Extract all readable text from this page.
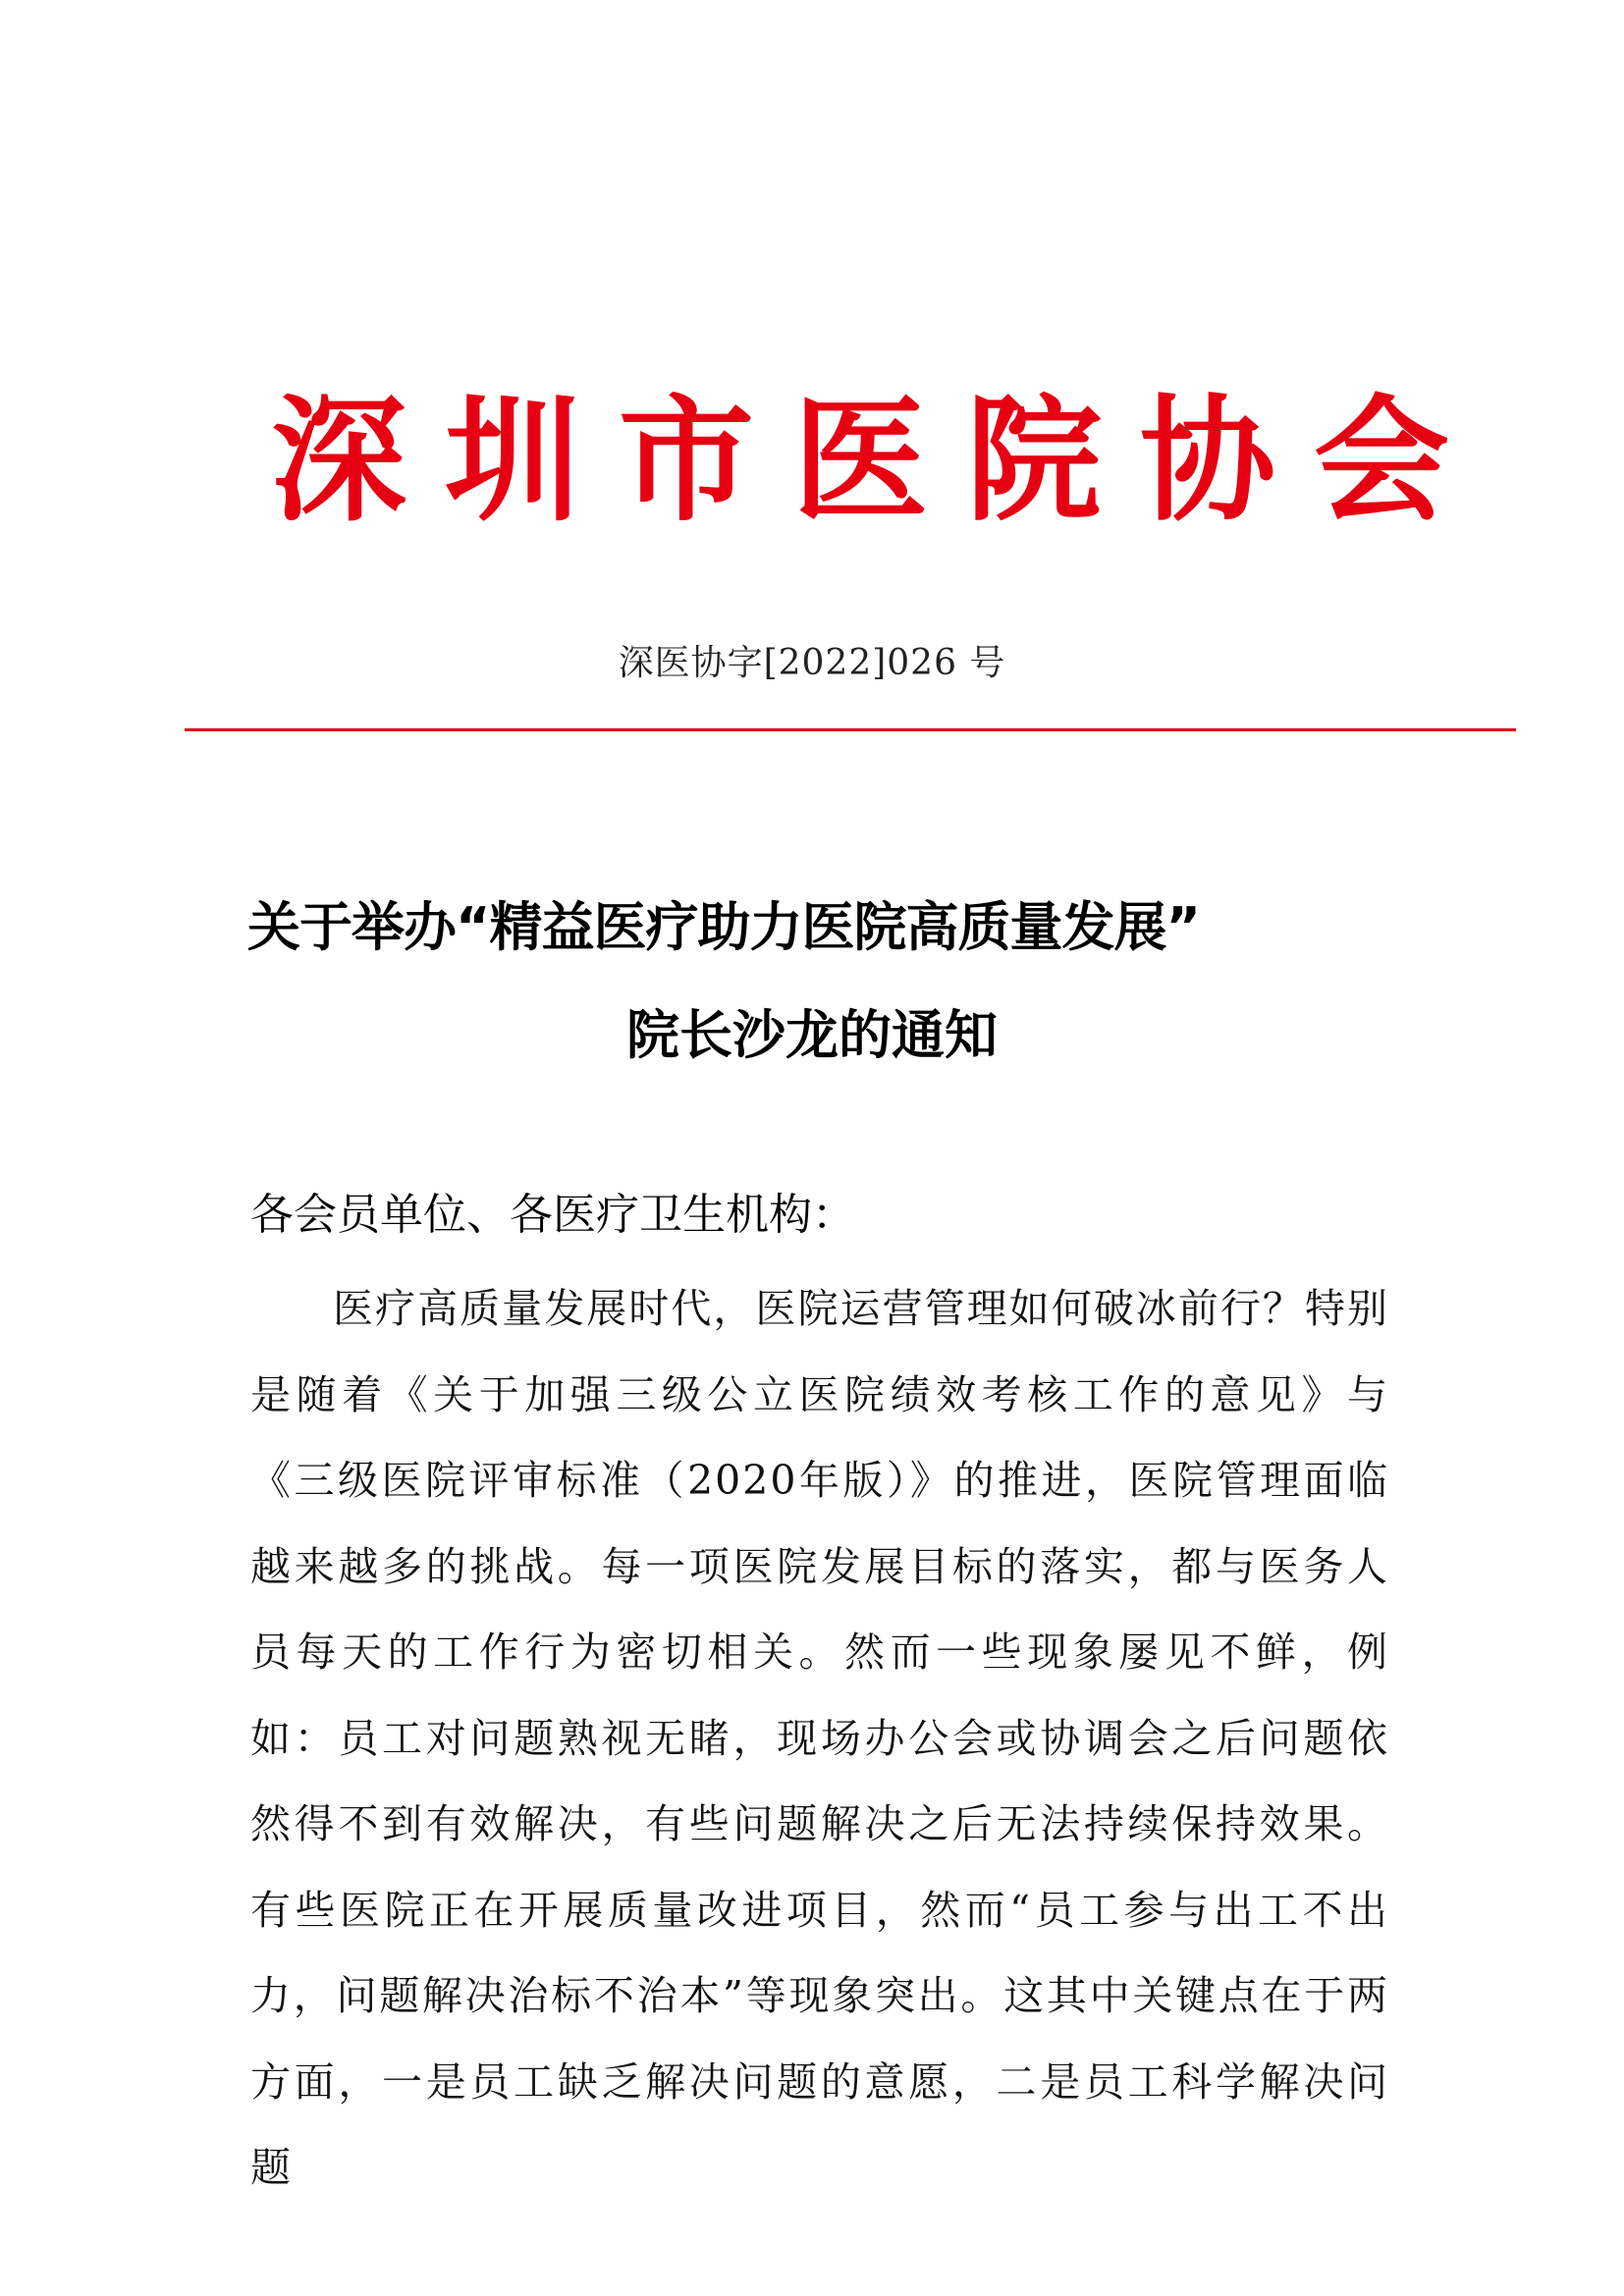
深 圳 市 医 院 协 会
深医协字[2022]026 号
关于举办“精益医疗助力医院高质量发展”
院长沙龙的通知

各会员单位、各医疗卫生机构：

医疗高质量发展时代，医院运营管理如何破冰前行？特别是随着《关于加强三级公立医院绩效考核工作的意见》与《三级医院评审标准（2020年版）》的推进，医院管理面临越来越多的挑战。每一项医院发展目标的落实，都与医务人员每天的工作行为密切相关。然而一些现象屡见不鲜，例如：员工对问题熟视无睹，现场办公会或协调会之后问题依然得不到有效解决，有些问题解决之后无法持续保持效果。有些医院正在开展质量改进项目，然而“员工参与出工不出力，问题解决治标不治本”等现象突出。这其中关键点在于两方面，一是员工缺乏解决问题的意愿，二是员工科学解决问题
